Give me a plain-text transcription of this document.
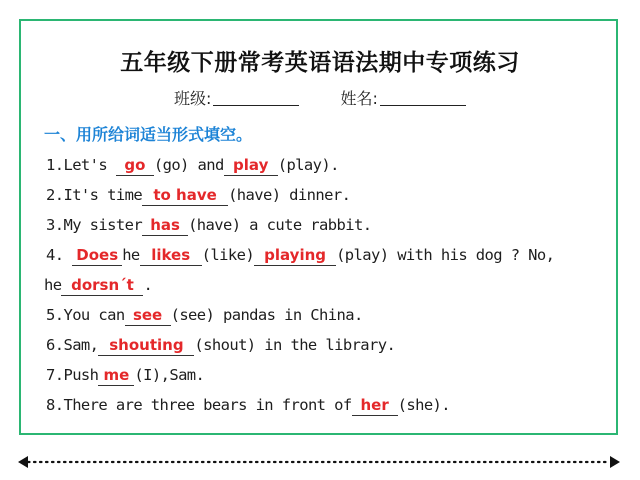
五年级下册常考英语语法期中专项练习
班级:	姓名:
一、用所给词适当形式填空。
1.Let's go (go) and play (play).
2.It's time to have (have) dinner.
3.My sister has (have) a cute rabbit.
4. Does he likes (like) playing (play) with his dog ? No,
he dorsn´t .
5.You can see (see) pandas in China.
6.Sam, shouting (shout) in the library.
7.Push me (I),Sam.
8.There are three bears in front of her (she).
